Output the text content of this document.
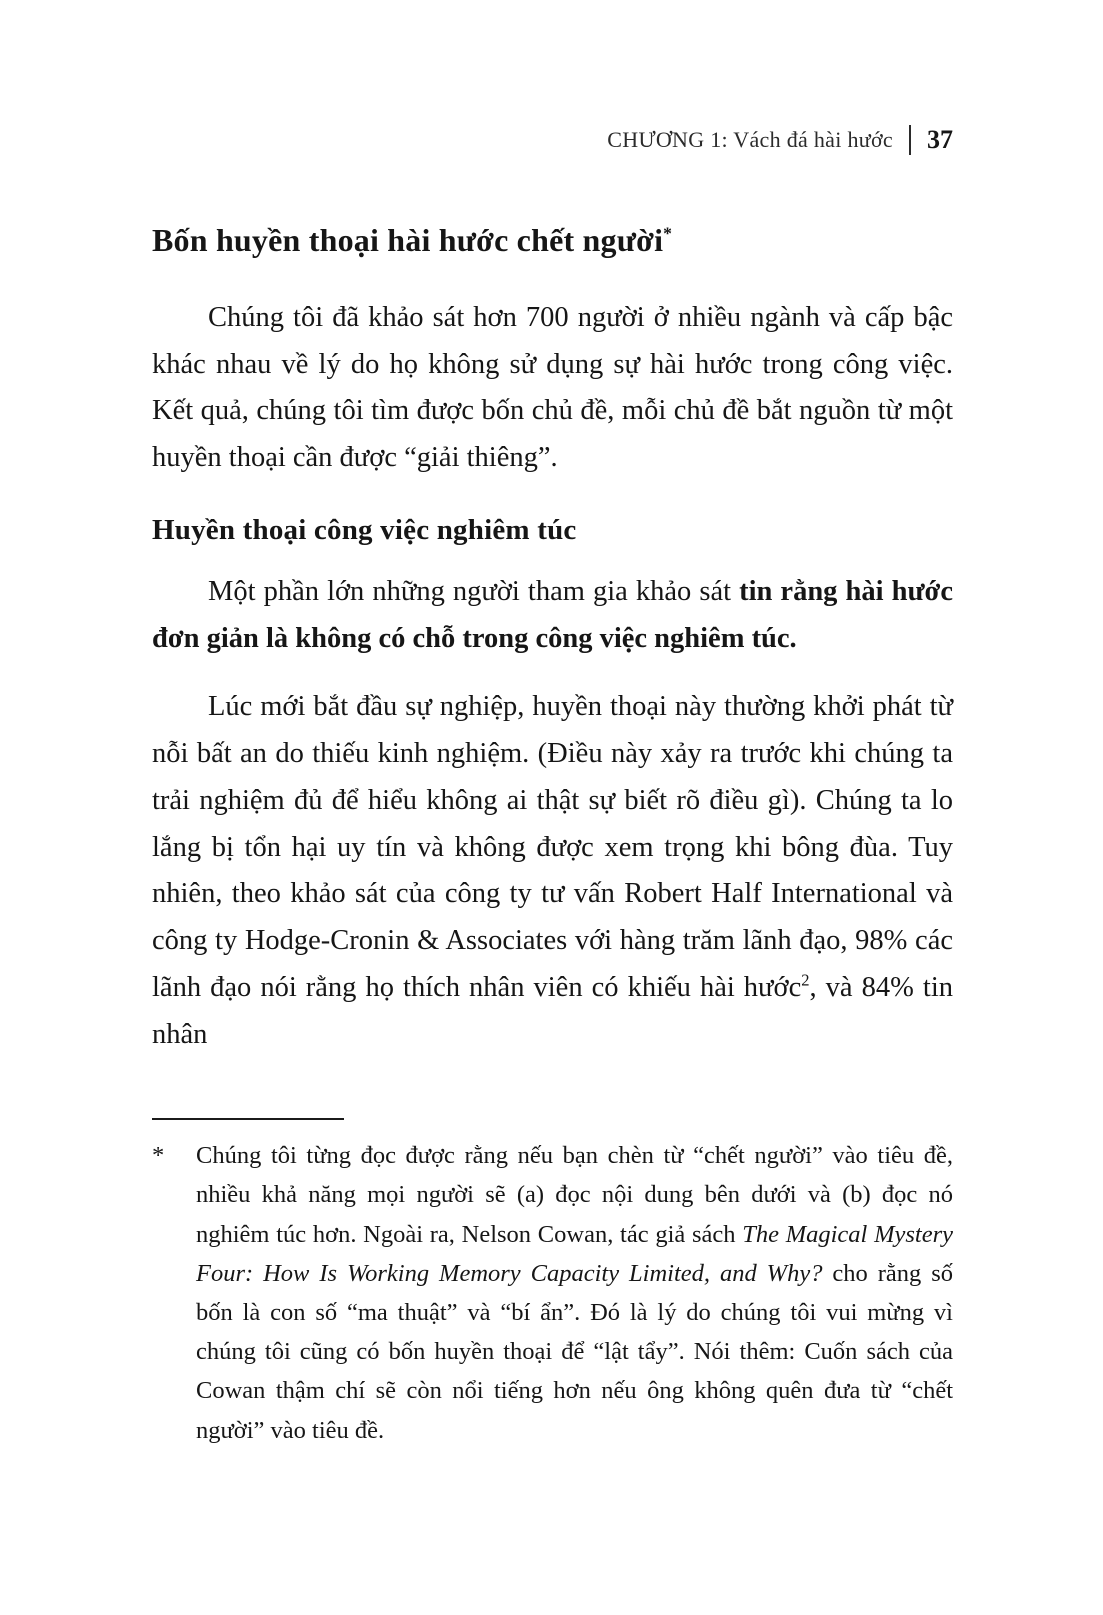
CHƯƠNG 1: Vách đá hài hước 37
Bốn huyền thoại hài hước chết người*

Chúng tôi đã khảo sát hơn 700 người ở nhiều ngành và cấp bậc khác nhau về lý do họ không sử dụng sự hài hước trong công việc. Kết quả, chúng tôi tìm được bốn chủ đề, mỗi chủ đề bắt nguồn từ một huyền thoại cần được “giải thiêng”.

Huyền thoại công việc nghiêm túc

Một phần lớn những người tham gia khảo sát tin rằng hài hước đơn giản là không có chỗ trong công việc nghiêm túc.

Lúc mới bắt đầu sự nghiệp, huyền thoại này thường khởi phát từ nỗi bất an do thiếu kinh nghiệm. (Điều này xảy ra trước khi chúng ta trải nghiệm đủ để hiểu không ai thật sự biết rõ điều gì). Chúng ta lo lắng bị tổn hại uy tín và không được xem trọng khi bông đùa. Tuy nhiên, theo khảo sát của công ty tư vấn Robert Half International và công ty Hodge-Cronin & Associates với hàng trăm lãnh đạo, 98% các lãnh đạo nói rằng họ thích nhân viên có khiếu hài hước$^2$, và 84% tin nhân

*	Chúng tôi từng đọc được rằng nếu bạn chèn từ “chết người” vào tiêu đề, nhiều khả năng mọi người sẽ (a) đọc nội dung bên dưới và (b) đọc nó nghiêm túc hơn. Ngoài ra, Nelson Cowan, tác giả sách The Magical Mystery Four: How Is Working Memory Capacity Limited, and Why? cho rằng số bốn là con số “ma thuật” và “bí ẩn”. Đó là lý do chúng tôi vui mừng vì chúng tôi cũng có bốn huyền thoại để “lật tẩy”. Nói thêm: Cuốn sách của Cowan thậm chí sẽ còn nổi tiếng hơn nếu ông không quên đưa từ “chết người” vào tiêu đề.
